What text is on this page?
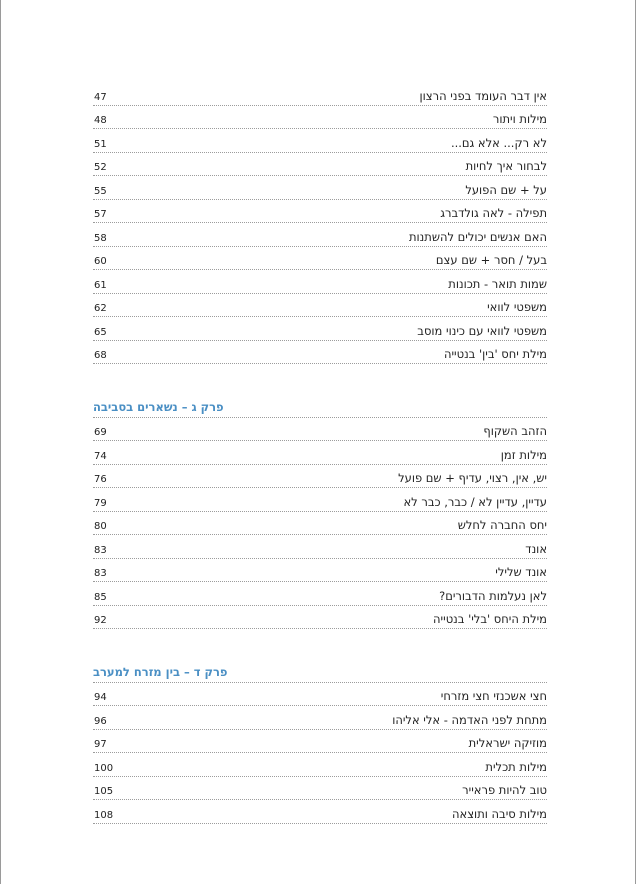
אין דבר העומד בפני הרצון
47
מילות ויתור
48
לא רק... אלא גם...
51
לבחור איך לחיות
52
על + שם הפועל
55
תפילה - לאה גולדברג
57
האם אנשים יכולים להשתנות
58
בעל / חסר + שם עצם
60
שמות תואר - תכונות
61
משפטי לוואי
62
משפטי לוואי עם כינוי מוסב
65
מילת יחס 'בין' בנטייה
68
פרק ג – נשארים בסביבה
הזהב השקוף
69
מילות זמן
74
יש, אין, רצוי, עדיף + שם פועל
76
עדיין, עדיין לא / כבר, כבר לא
79
יחס החברה לחלש
80
אונד
83
אונד שלילי
83
לאן נעלמות הדבורים?
85
מילת היחס 'בלי' בנטייה
92
פרק ד – בין מזרח למערב
חצי אשכנזי חצי מזרחי
94
מתחת לפני האדמה - אלי אליהו
96
מוזיקה ישראלית
97
מילות תכלית
100
טוב להיות פראייר
105
מילות סיבה ותוצאה
108
